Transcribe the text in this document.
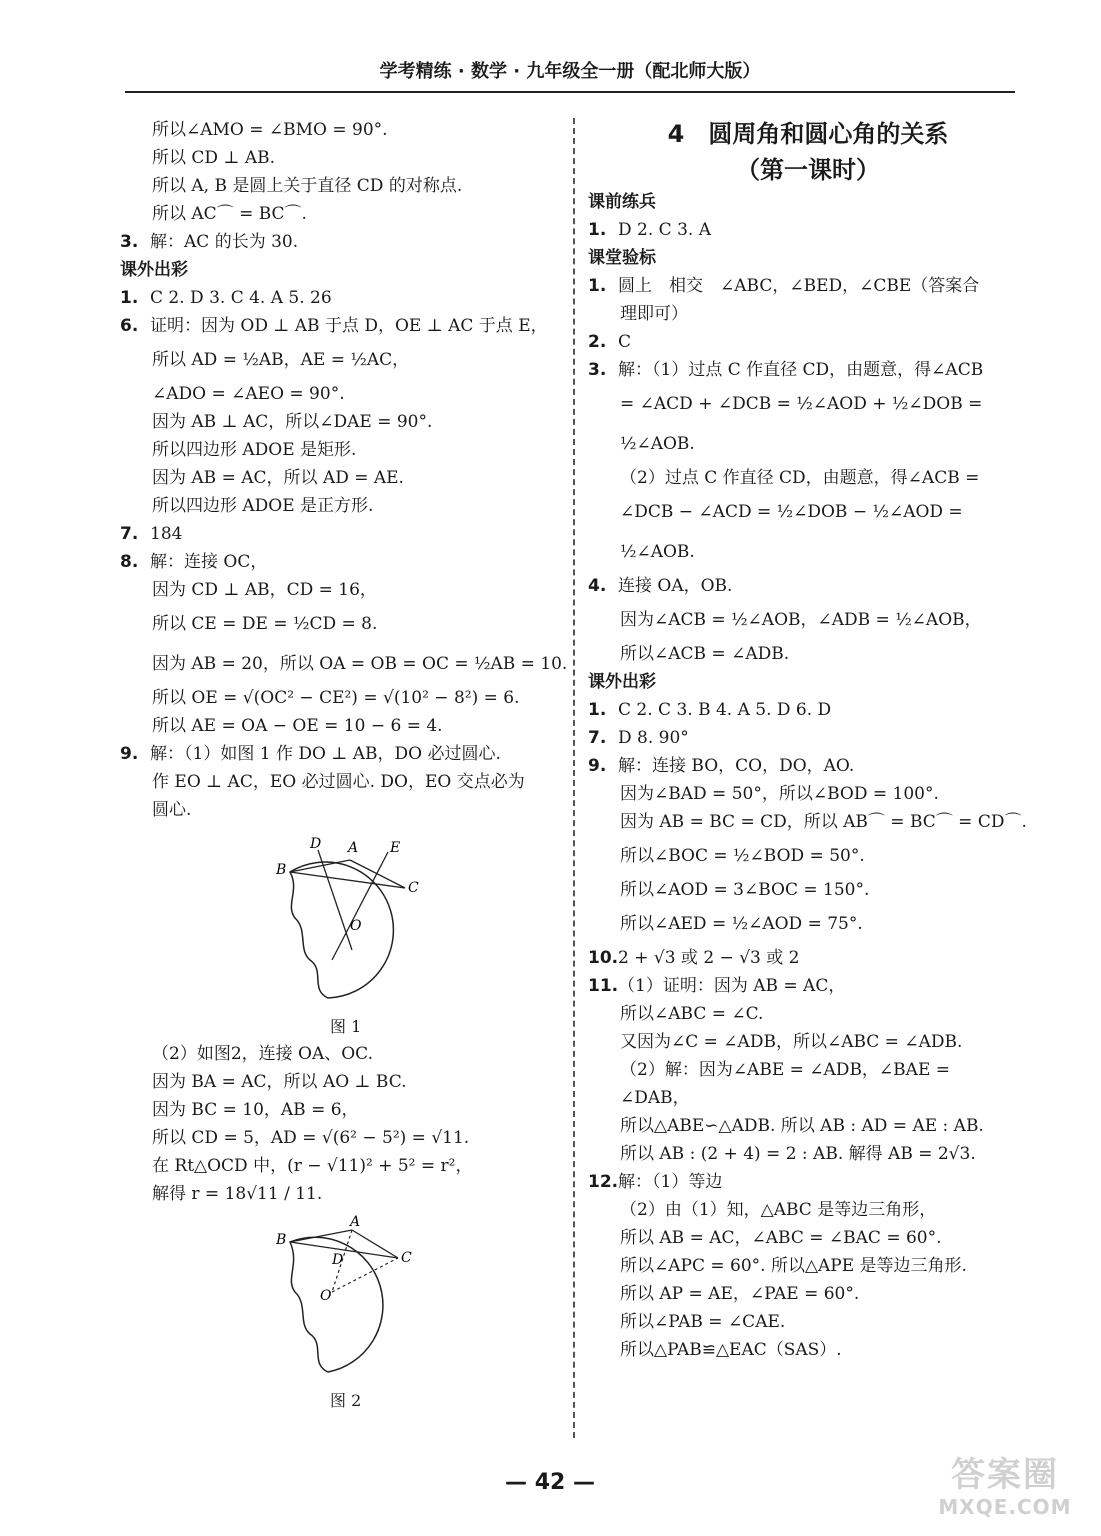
学考精练 · 数学 · 九年级全一册（配北师大版）
所以∠AMO = ∠BMO = 90°.
所以 CD ⊥ AB.
所以 A, B 是圆上关于直径 CD 的对称点.
所以 AC⌒ = BC⌒.
3. 解：AC 的长为 30.
课外出彩
1. C 2. D 3. C 4. A 5. 26
6. 证明：因为 OD ⊥ AB 于点 D，OE ⊥ AC 于点 E，
所以 AD = ½AB，AE = ½AC，
∠ADO = ∠AEO = 90°.
因为 AB ⊥ AC，所以∠DAE = 90°.
所以四边形 ADOE 是矩形.
因为 AB = AC，所以 AD = AE.
所以四边形 ADOE 是正方形.
7. 184
8. 解：连接 OC，
因为 CD ⊥ AB，CD = 16，
所以 CE = DE = ½CD = 8.
因为 AB = 20，所以 OA = OB = OC = ½AB = 10.
所以 OE = √(OC² − CE²) = √(10² − 8²) = 6.
所以 AE = OA − OE = 10 − 6 = 4.
9. 解：（1）如图 1 作 DO ⊥ AB，DO 必过圆心.
作 EO ⊥ AC，EO 必过圆心. DO，EO 交点必为
圆心.
D A E
B
C
O
图 1
（2）如图2，连接 OA、OC.
因为 BA = AC，所以 AO ⊥ BC.
因为 BC = 10，AB = 6，
所以 CD = 5，AD = √(6² − 5²) = √11.
在 Rt△OCD 中，(r − √11)² + 5² = r²，
解得 r = 18√11 / 11.
A
B
C
D
O
图 2
4　圆周角和圆心角的关系
（第一课时）
课前练兵
1. D 2. C 3. A
课堂验标
1. 圆上　相交　∠ABC，∠BED，∠CBE（答案合
理即可）
2. C
3. 解：（1）过点 C 作直径 CD，由题意，得∠ACB
= ∠ACD + ∠DCB = ½∠AOD + ½∠DOB =
½∠AOB.
（2）过点 C 作直径 CD，由题意，得∠ACB =
∠DCB − ∠ACD = ½∠DOB − ½∠AOD =
½∠AOB.
4. 连接 OA，OB.
因为∠ACB = ½∠AOB，∠ADB = ½∠AOB，
所以∠ACB = ∠ADB.
课外出彩
1. C 2. C 3. B 4. A 5. D 6. D
7. D 8. 90°
9. 解：连接 BO，CO，DO，AO.
因为∠BAD = 50°，所以∠BOD = 100°.
因为 AB = BC = CD，所以 AB⌒ = BC⌒ = CD⌒.
所以∠BOC = ½∠BOD = 50°.
所以∠AOD = 3∠BOC = 150°.
所以∠AED = ½∠AOD = 75°.
10.2 + √3 或 2 − √3 或 2
11.（1）证明：因为 AB = AC，
所以∠ABC = ∠C.
又因为∠C = ∠ADB，所以∠ABC = ∠ADB.
（2）解：因为∠ABE = ∠ADB，∠BAE =
∠DAB，
所以△ABE∽△ADB. 所以 AB : AD = AE : AB.
所以 AB : (2 + 4) = 2 : AB. 解得 AB = 2√3.
12.解：（1）等边
（2）由（1）知，△ABC 是等边三角形，
所以 AB = AC，∠ABC = ∠BAC = 60°.
所以∠APC = 60°. 所以△APE 是等边三角形.
所以 AP = AE，∠PAE = 60°.
所以∠PAB = ∠CAE.
所以△PAB≌△EAC（SAS）.
— 42 —	答案圈
MXQE.COM
